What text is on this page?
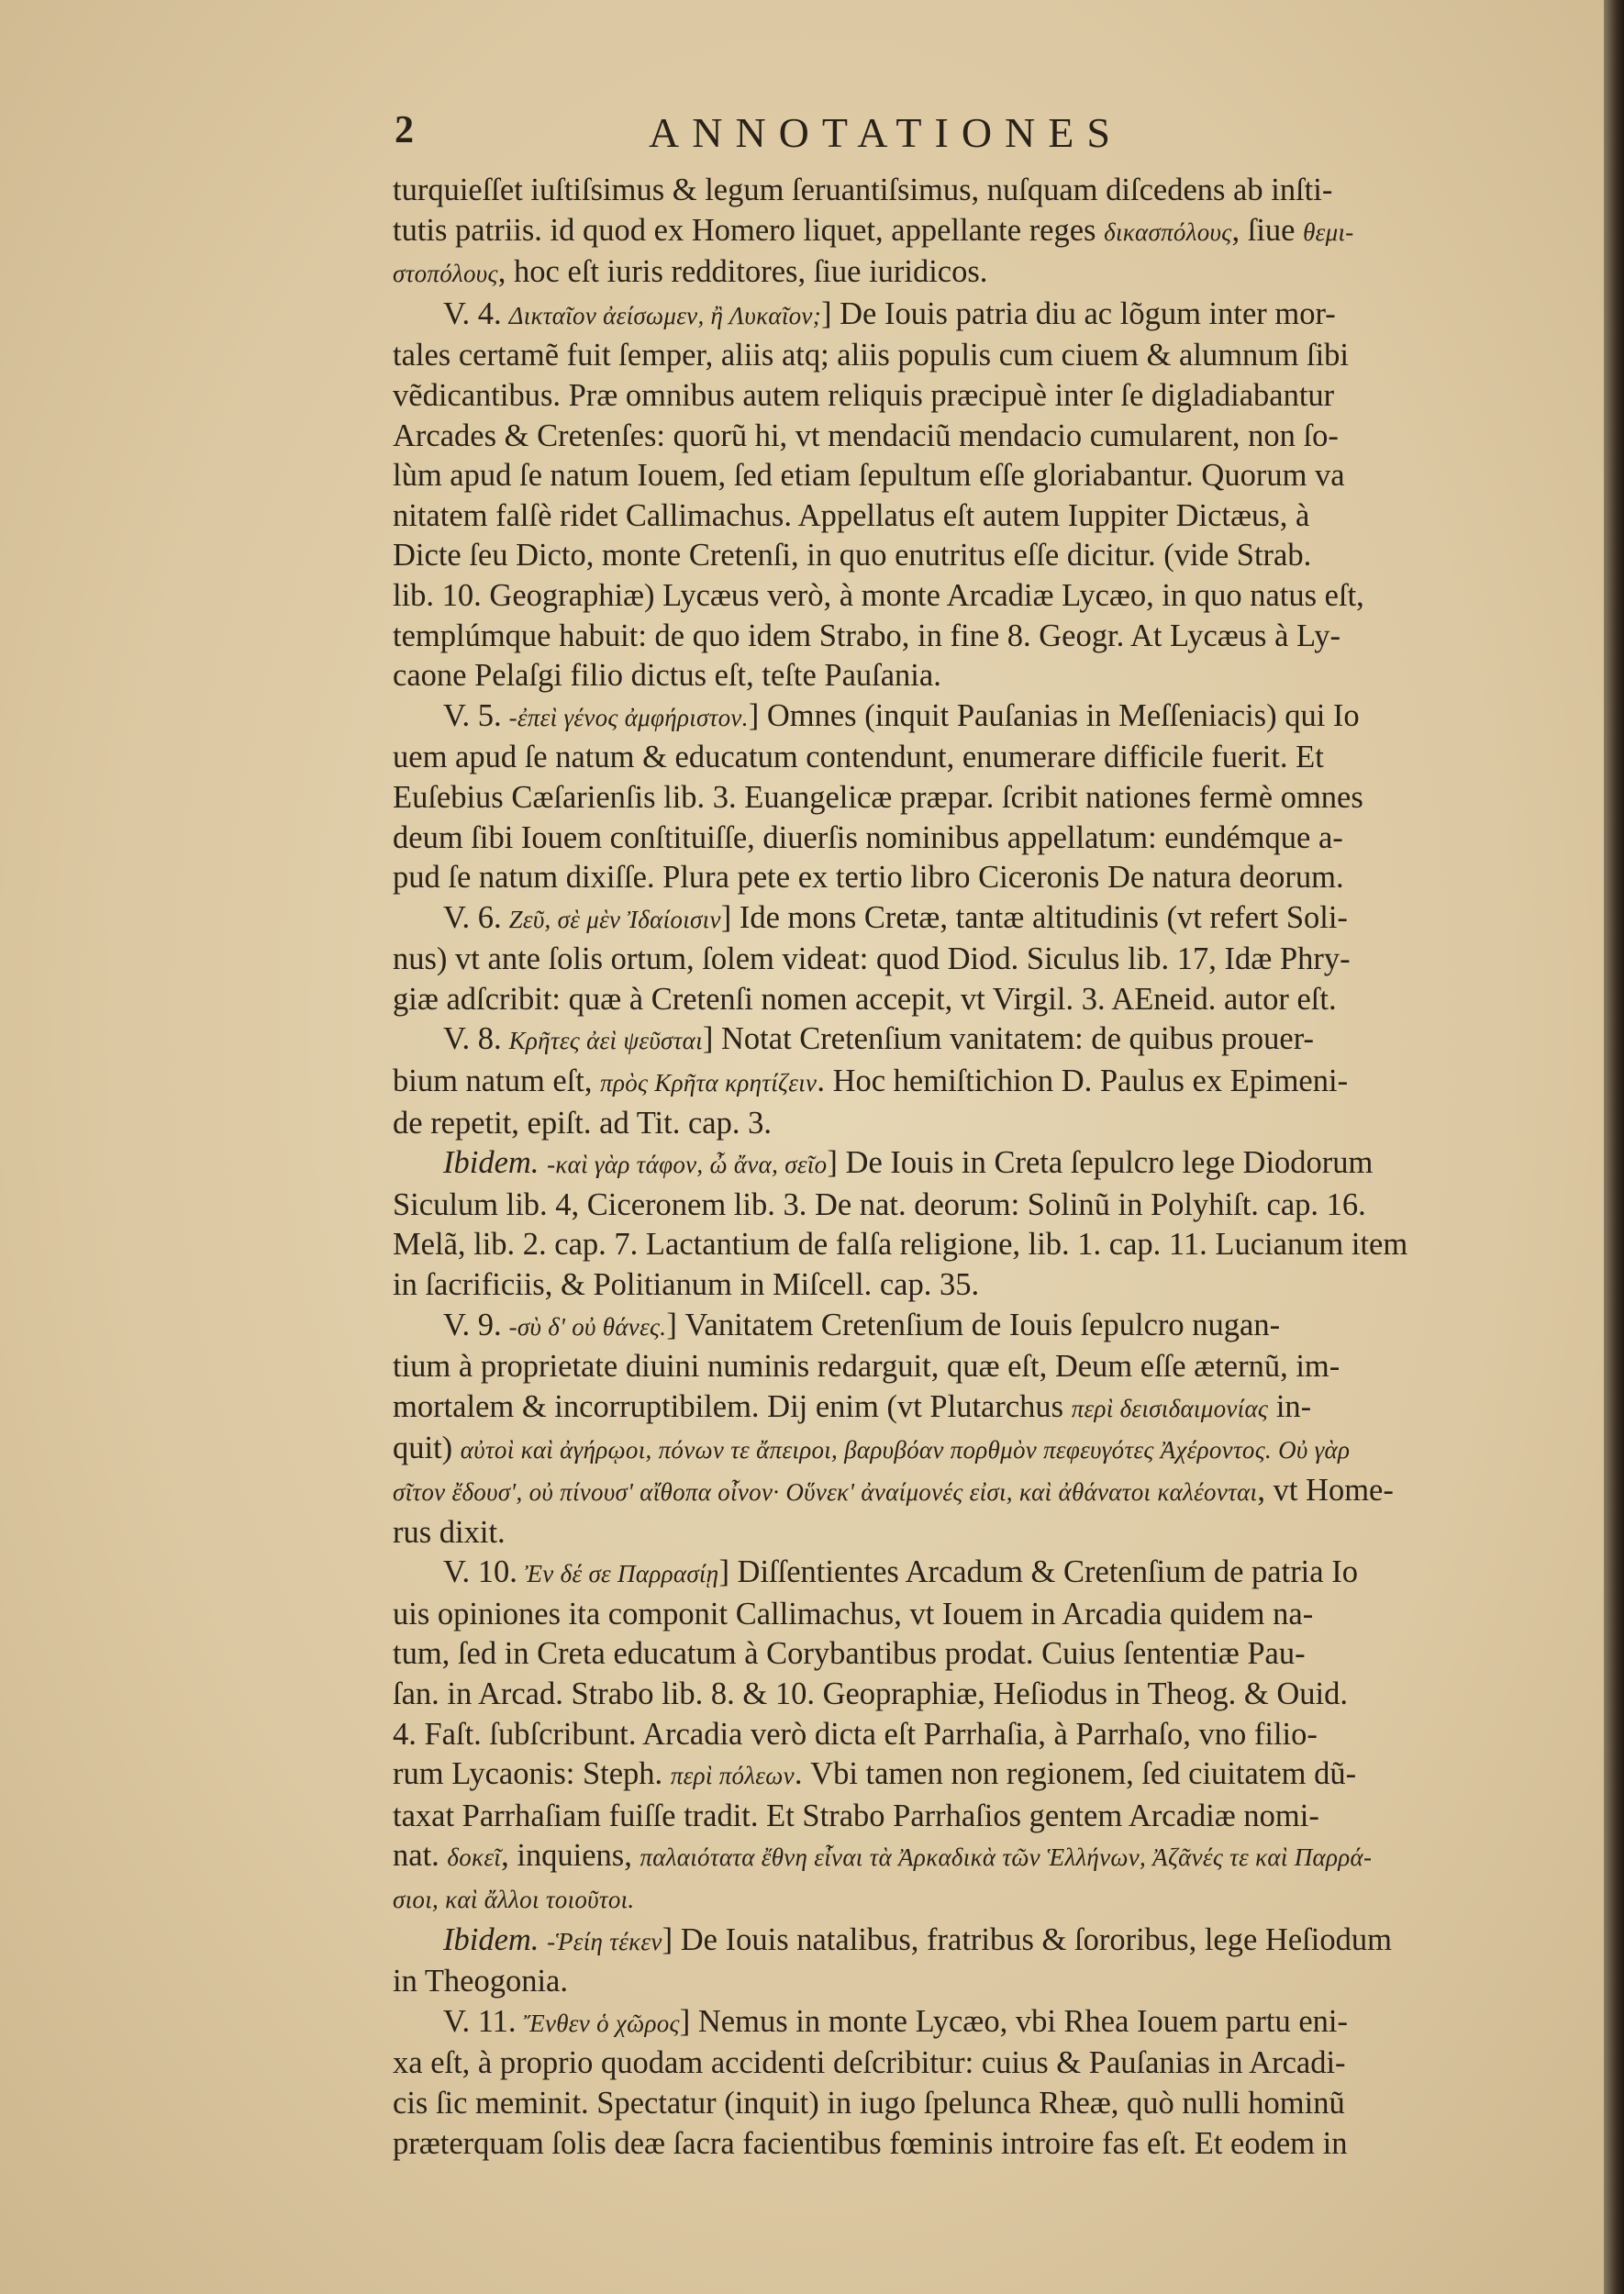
2	ANNOTATIONES
turquieſſet iuſtiſsimus & legum ſeruantiſsimus, nuſquam diſcedens ab inſti-
tutis patriis. id quod ex Homero liquet, appellante reges δικασπόλους, ſiue θεμι-
στοπόλους, hoc eſt iuris redditores, ſiue iuridicos.
V. 4. Δικταῖον ἀείσωμεν, ἢ Λυκαῖον;] De Iouis patria diu ac lõgum inter mor-
tales certamẽ fuit ſemper, aliis atq; aliis populis cum ciuem & alumnum ſibi
vẽdicantibus. Præ omnibus autem reliquis præcipuè inter ſe digladiabantur
Arcades & Cretenſes: quorũ hi, vt mendaciũ mendacio cumularent, non ſo-
lùm apud ſe natum Iouem, ſed etiam ſepultum eſſe gloriabantur. Quorum va
nitatem falſè ridet Callimachus. Appellatus eſt autem Iuppiter Dictæus, à
Dicte ſeu Dicto, monte Cretenſi, in quo enutritus eſſe dicitur. (vide Strab.
lib. 10. Geographiæ) Lycæus verò, à monte Arcadiæ Lycæo, in quo natus eſt,
templúmque habuit: de quo idem Strabo, in fine 8. Geogr. At Lycæus à Ly-
caone Pelaſgi filio dictus eſt, teſte Pauſania.
V. 5. -ἐπεὶ γένος ἀμφήριστον.] Omnes (inquit Pauſanias in Meſſeniacis) qui Io
uem apud ſe natum & educatum contendunt, enumerare difficile fuerit. Et
Euſebius Cæſarienſis lib. 3. Euangelicæ præpar. ſcribit nationes fermè omnes
deum ſibi Iouem conſtituiſſe, diuerſis nominibus appellatum: eundémque a-
pud ſe natum dixiſſe. Plura pete ex tertio libro Ciceronis De natura deorum.
V. 6. Ζεῦ, σὲ μὲν Ἰδαίοισιν] Ide mons Cretæ, tantæ altitudinis (vt refert Soli-
nus) vt ante ſolis ortum, ſolem videat: quod Diod. Siculus lib. 17, Idæ Phry-
giæ adſcribit: quæ à Cretenſi nomen accepit, vt Virgil. 3. AEneid. autor eſt.
V. 8. Κρῆτες ἀεὶ ψεῦσται] Notat Cretenſium vanitatem: de quibus prouer-
bium natum eſt, πρὸς Κρῆτα κρητίζειν. Hoc hemiſtichion D. Paulus ex Epimeni-
de repetit, epiſt. ad Tit. cap. 3.
Ibidem. -καὶ γὰρ τάφον, ὦ ἄνα, σεῖο] De Iouis in Creta ſepulcro lege Diodorum
Siculum lib. 4, Ciceronem lib. 3. De nat. deorum: Solinũ in Polyhiſt. cap. 16.
Melã, lib. 2. cap. 7. Lactantium de falſa religione, lib. 1. cap. 11. Lucianum item
in ſacrificiis, & Politianum in Miſcell. cap. 35.
V. 9. -σὺ δ' οὐ θάνες.] Vanitatem Cretenſium de Iouis ſepulcro nugan-
tium à proprietate diuini numinis redarguit, quæ eſt, Deum eſſe æternũ, im-
mortalem & incorruptibilem. Dij enim (vt Plutarchus περὶ δεισιδαιμονίας in-
quit) αὐτοὶ καὶ ἀγήρῳοι, πόνων τε ἄπειροι, βαρυβόαν πορθμὸν πεφευγότες Ἀχέροντος. Οὐ γὰρ
σῖτον ἔδουσ', οὐ πίνουσ' αἴθοπα οἶνον· Οὕνεκ' ἀναίμονές εἰσι, καὶ ἀθάνατοι καλέονται, vt Home-
rus dixit.
V. 10. Ἐν δέ σε Παρρασίῃ] Diſſentientes Arcadum & Cretenſium de patria Io
uis opiniones ita componit Callimachus, vt Iouem in Arcadia quidem na-
tum, ſed in Creta educatum à Corybantibus prodat. Cuius ſententiæ Pau-
ſan. in Arcad. Strabo lib. 8. & 10. Geopraphiæ, Heſiodus in Theog. & Ouid.
4. Faſt. ſubſcribunt. Arcadia verò dicta eſt Parrhaſia, à Parrhaſo, vno filio-
rum Lycaonis: Steph. περὶ πόλεων. Vbi tamen non regionem, ſed ciuitatem dũ-
taxat Parrhaſiam fuiſſe tradit. Et Strabo Parrhaſios gentem Arcadiæ nomi-
nat. δοκεῖ, inquiens, παλαιότατα ἔθνη εἶναι τὰ Ἀρκαδικὰ τῶν Ἑλλήνων, Ἀζᾶνές τε καὶ Παρρά-
σιοι, καὶ ἄλλοι τοιοῦτοι.
Ibidem. -Ῥείη τέκεν] De Iouis natalibus, fratribus & ſororibus, lege Heſiodum
in Theogonia.
V. 11. Ἔνθεν ὁ χῶρος] Nemus in monte Lycæo, vbi Rhea Iouem partu eni-
xa eſt, à proprio quodam accidenti deſcribitur: cuius & Pauſanias in Arcadi-
cis ſic meminit. Spectatur (inquit) in iugo ſpelunca Rheæ, quò nulli hominũ
præterquam ſolis deæ ſacra facientibus fœminis introire fas eſt. Et eodem in
